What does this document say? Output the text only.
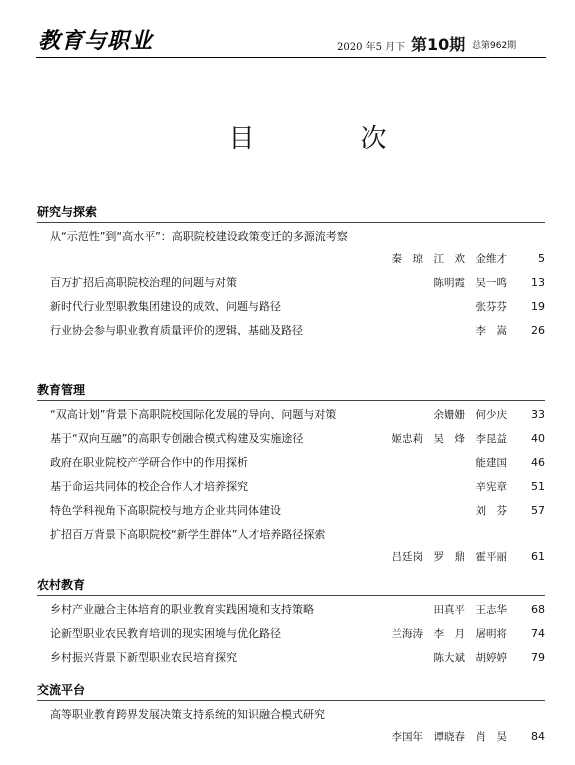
教育与职业	2020 年5 月下 第10期 总第962期
目　次
研究与探索
从“示范性”到“高水平”：高职院校建设政策变迁的多源流考察
秦　琼　江　欢　金维才	5
百万扩招后高职院校治理的问题与对策	陈明霞　吴一鸣	13
新时代行业型职教集团建设的成效、问题与路径	张芬芬	19
行业协会参与职业教育质量评价的逻辑、基础及路径	李　嵩	26
教育管理
“双高计划”背景下高职院校国际化发展的导向、问题与对策	余姗姗　何少庆	33
基于“双向互融”的高职专创融合模式构建及实施途径	姬忠莉　吴　烽　李昆益	40
政府在职业院校产学研合作中的作用探析	能建国	46
基于命运共同体的校企合作人才培养探究	辛宪章	51
特色学科视角下高职院校与地方企业共同体建设	刘　芬	57
扩招百万背景下高职院校“新学生群体”人才培养路径探索
吕廷岗　罗　鼎　霍平丽	61
农村教育
乡村产业融合主体培育的职业教育实践困境和支持策略	田真平　王志华	68
论新型职业农民教育培训的现实困境与优化路径	兰海涛　李　月　屠明将	74
乡村振兴背景下新型职业农民培育探究	陈大斌　胡婷婷	79
交流平台
高等职业教育跨界发展决策支持系统的知识融合模式研究
李国年　谭晓春　肖　昊	84
